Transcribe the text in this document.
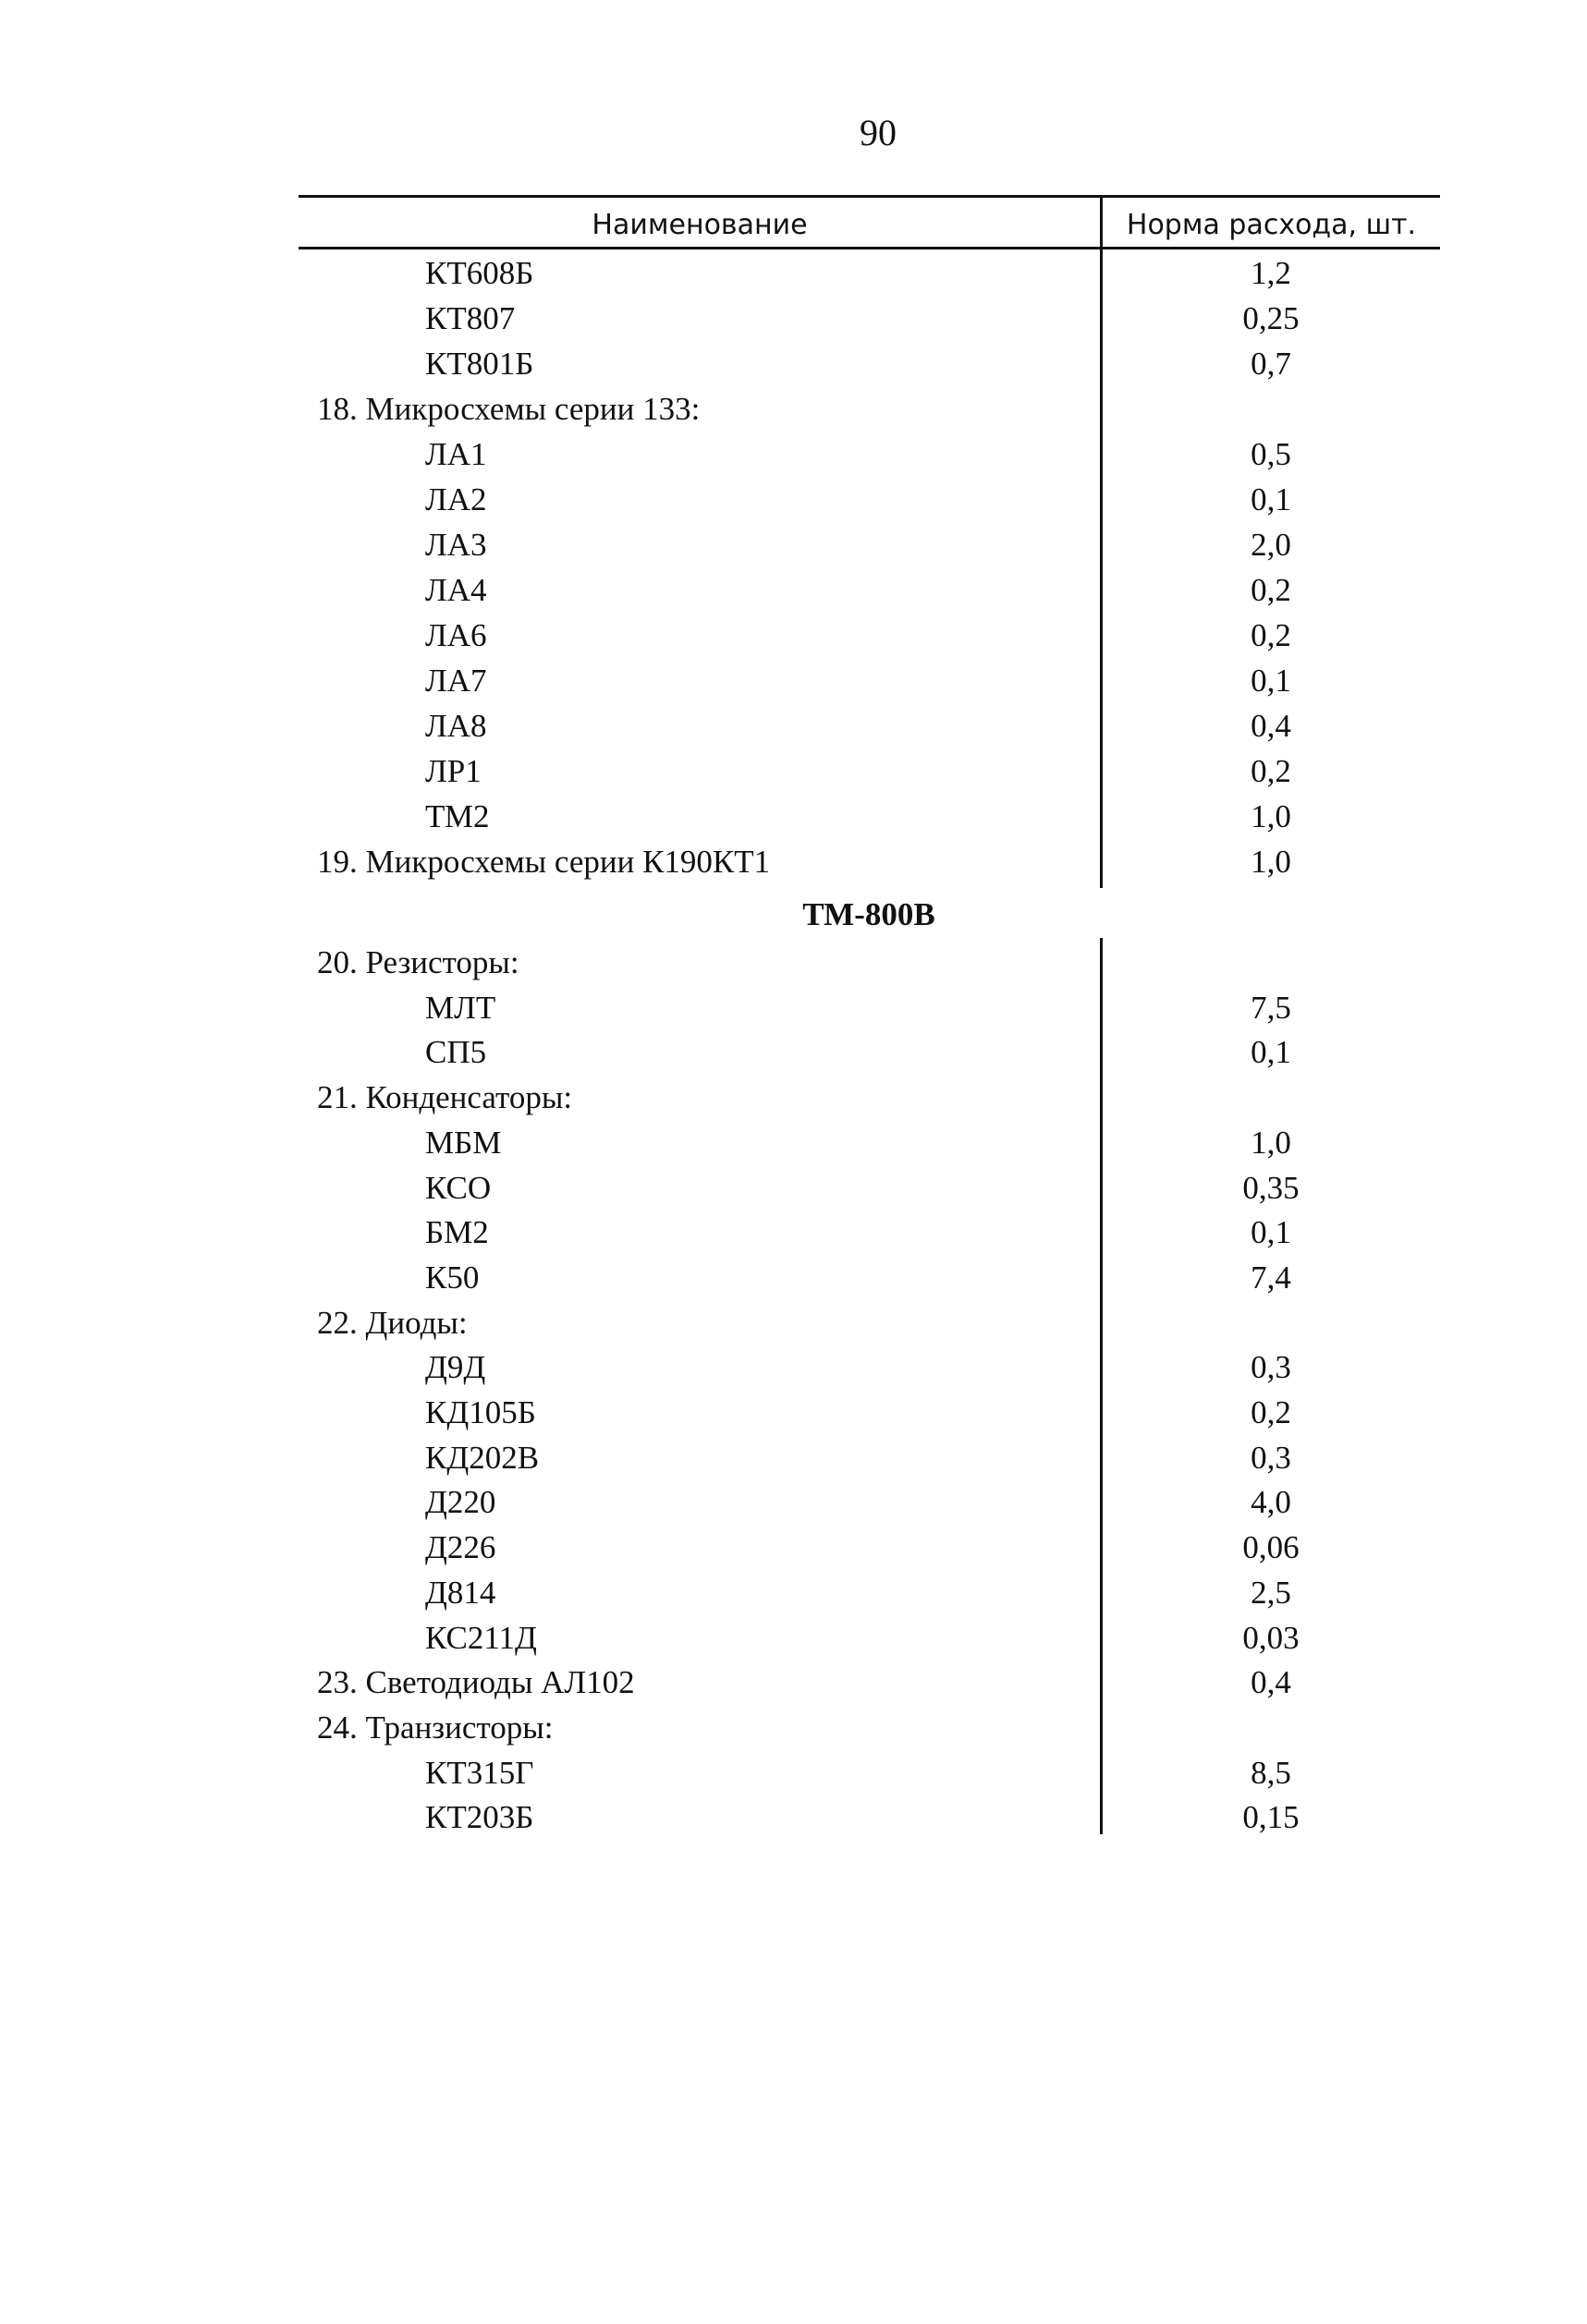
90
Наименование	Норма расхода, шт.
КТ608Б	1,2
КТ807	0,25
КТ801Б	0,7
18. Микросхемы серии 133:
ЛА1	0,5
ЛА2	0,1
ЛА3	2,0
ЛА4	0,2
ЛА6	0,2
ЛА7	0,1
ЛА8	0,4
ЛР1	0,2
ТМ2	1,0
19. Микросхемы серии К190КТ1	1,0
ТМ-800В
20. Резисторы:
МЛТ	7,5
СП5	0,1
21. Конденсаторы:
МБМ	1,0
КСО	0,35
БМ2	0,1
К50	7,4
22. Диоды:
Д9Д	0,3
КД105Б	0,2
КД202В	0,3
Д220	4,0
Д226	0,06
Д814	2,5
КС211Д	0,03
23. Светодиоды АЛ102	0,4
24. Транзисторы:
КТ315Г	8,5
КТ203Б	0,15
